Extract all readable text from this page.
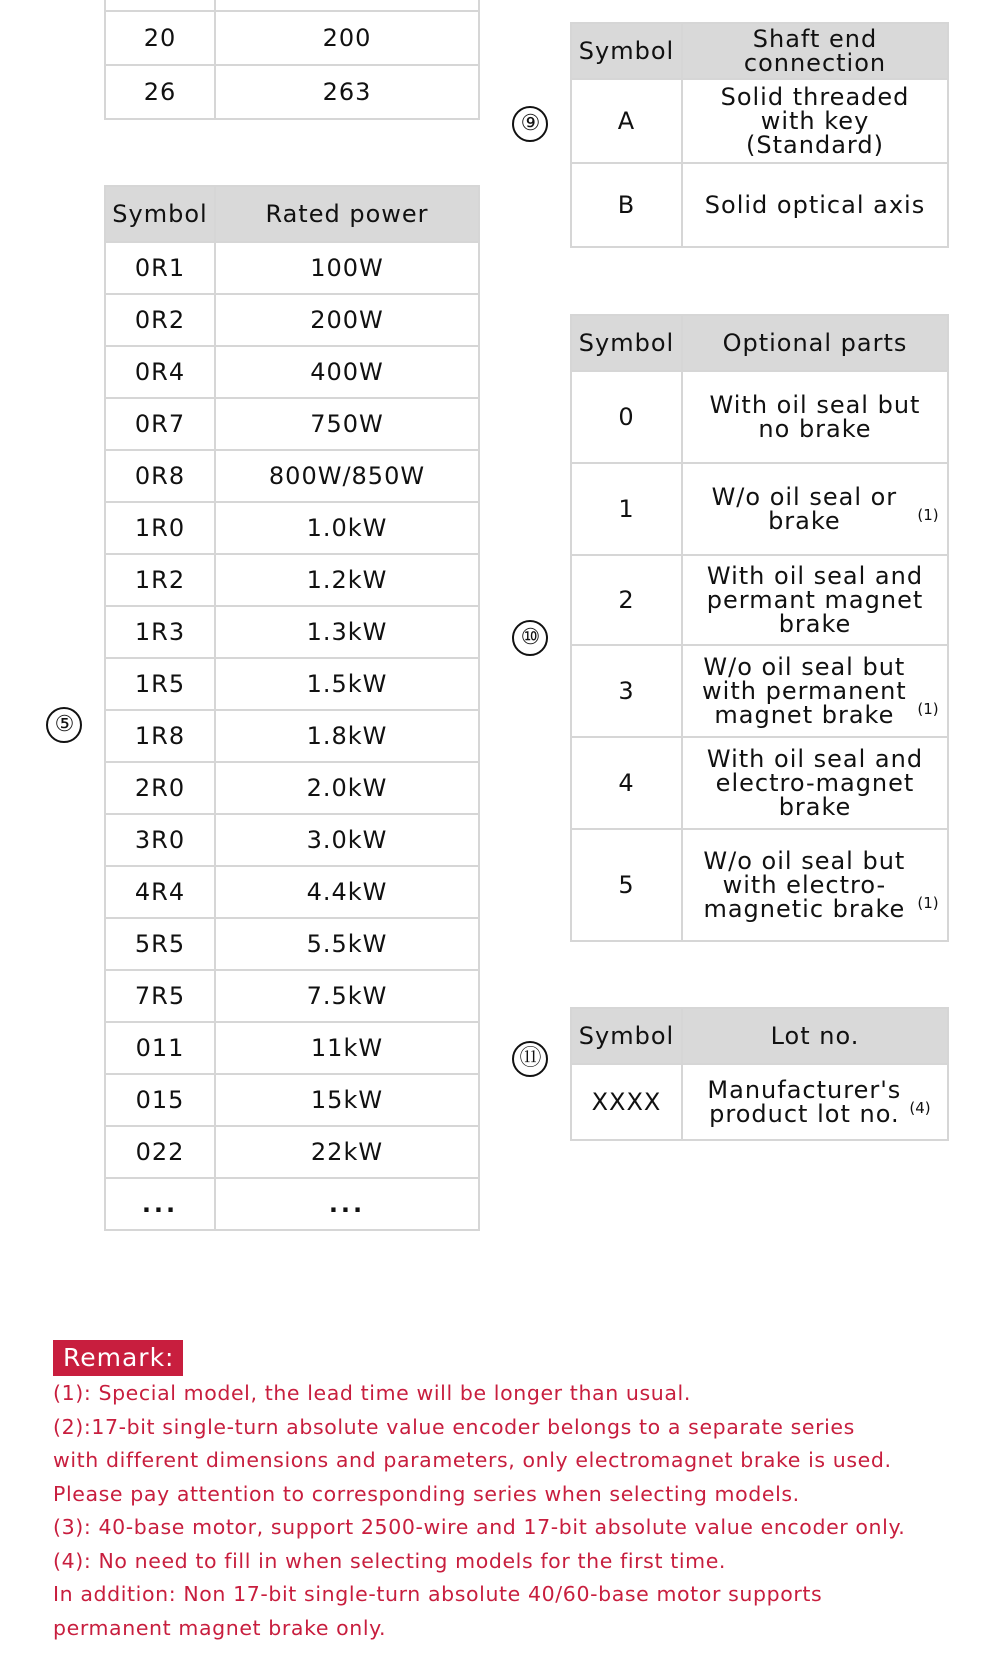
20	200
26	263
⑤
Symbol	Rated power
0R1	100W
0R2	200W
0R4	400W
0R7	750W
0R8	800W/850W
1R0	1.0kW
1R2	1.2kW
1R3	1.3kW
1R5	1.5kW
1R8	1.8kW
2R0	2.0kW
3R0	3.0kW
4R4	4.4kW
5R5	5.5kW
7R5	7.5kW
011	11kW
015	15kW
022	22kW
...	...
⑨
Symbol	Shaft end connection
A	Solid threaded with key (Standard)
B	Solid optical axis
⑩
Symbol	Optional parts
0	With oil seal but no brake
1	W/o oil seal or brake $^{(1)}$
2	With oil seal and permant magnet brake
3	W/o oil seal but with permanent magnet brake $^{(1)}$
4	With oil seal and electro-magnet brake
5	W/o oil seal but with electro-magnetic brake $^{(1)}$
⑪
Symbol	Lot no.
XXXX	Manufacturer's product lot no. $^{(4)}$
Remark:
(1): Special model, the lead time will be longer than usual.
(2):17-bit single-turn absolute value encoder belongs to a separate series
with different dimensions and parameters, only electromagnet brake is used.
Please pay attention to corresponding series when selecting models.
(3): 40-base motor, support 2500-wire and 17-bit absolute value encoder only.
(4): No need to fill in when selecting models for the first time.
In addition: Non 17-bit single-turn absolute 40/60-base motor supports
permanent magnet brake only.
